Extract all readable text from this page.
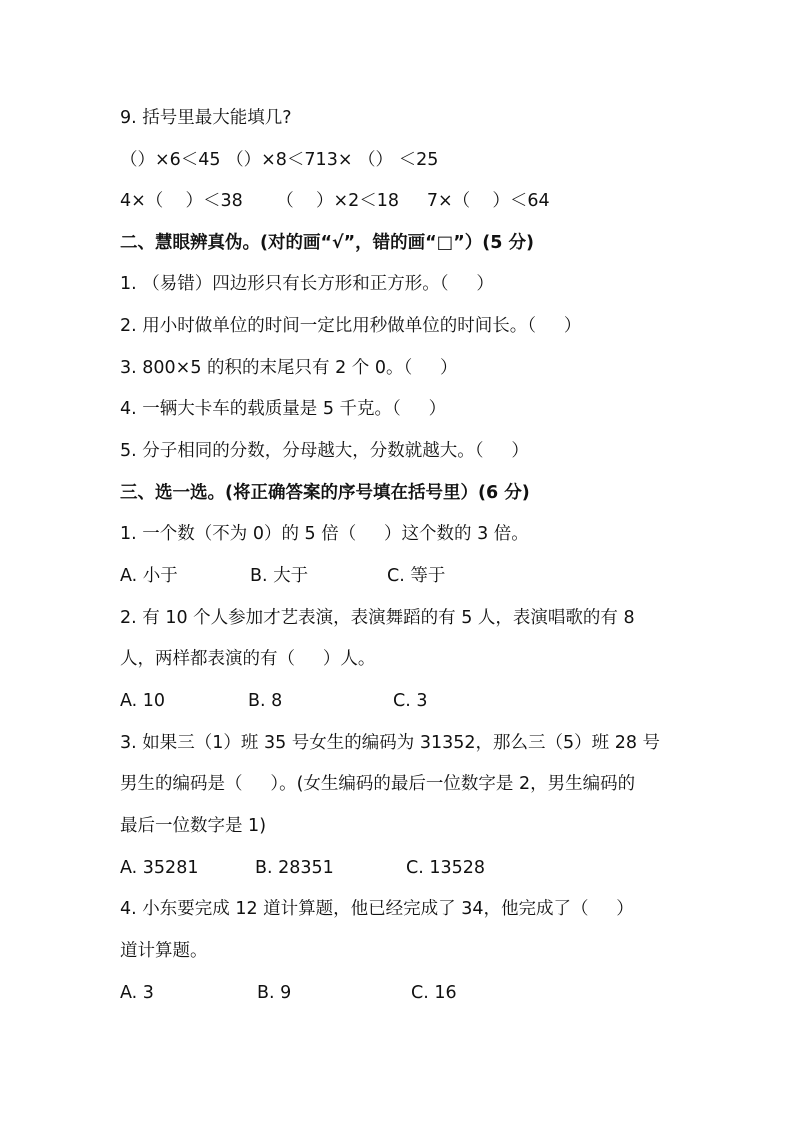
9. 括号里最大能填几?
（）×6＜45 （）×8＜713× （） ＜25
4×（    ）＜38      （    ）×2＜18     7×（    ）＜64
二、慧眼辨真伪。(对的画“√”，错的画“□”）(5 分)
1. （易错）四边形只有长方形和正方形。（     ）
2. 用小时做单位的时间一定比用秒做单位的时间长。（     ）
3. 800×5 的积的末尾只有 2 个 0。（     ）
4. 一辆大卡车的载质量是 5 千克。（     ）
5. 分子相同的分数，分母越大，分数就越大。（     ）
三、选一选。(将正确答案的序号填在括号里）(6 分)
1. 一个数（不为 0）的 5 倍（     ）这个数的 3 倍。
A. 小于	B. 大于	C. 等于
2. 有 10 个人参加才艺表演，表演舞蹈的有 5 人，表演唱歌的有 8
人，两样都表演的有（     ）人。
A. 10	B. 8	C. 3
3. 如果三（1）班 35 号女生的编码为 31352，那么三（5）班 28 号
男生的编码是（     ）。(女生编码的最后一位数字是 2，男生编码的
最后一位数字是 1)
A. 35281	B. 28351	C. 13528
4. 小东要完成 12 道计算题，他已经完成了 34，他完成了（     ）
道计算题。
A. 3	B. 9	C. 16
